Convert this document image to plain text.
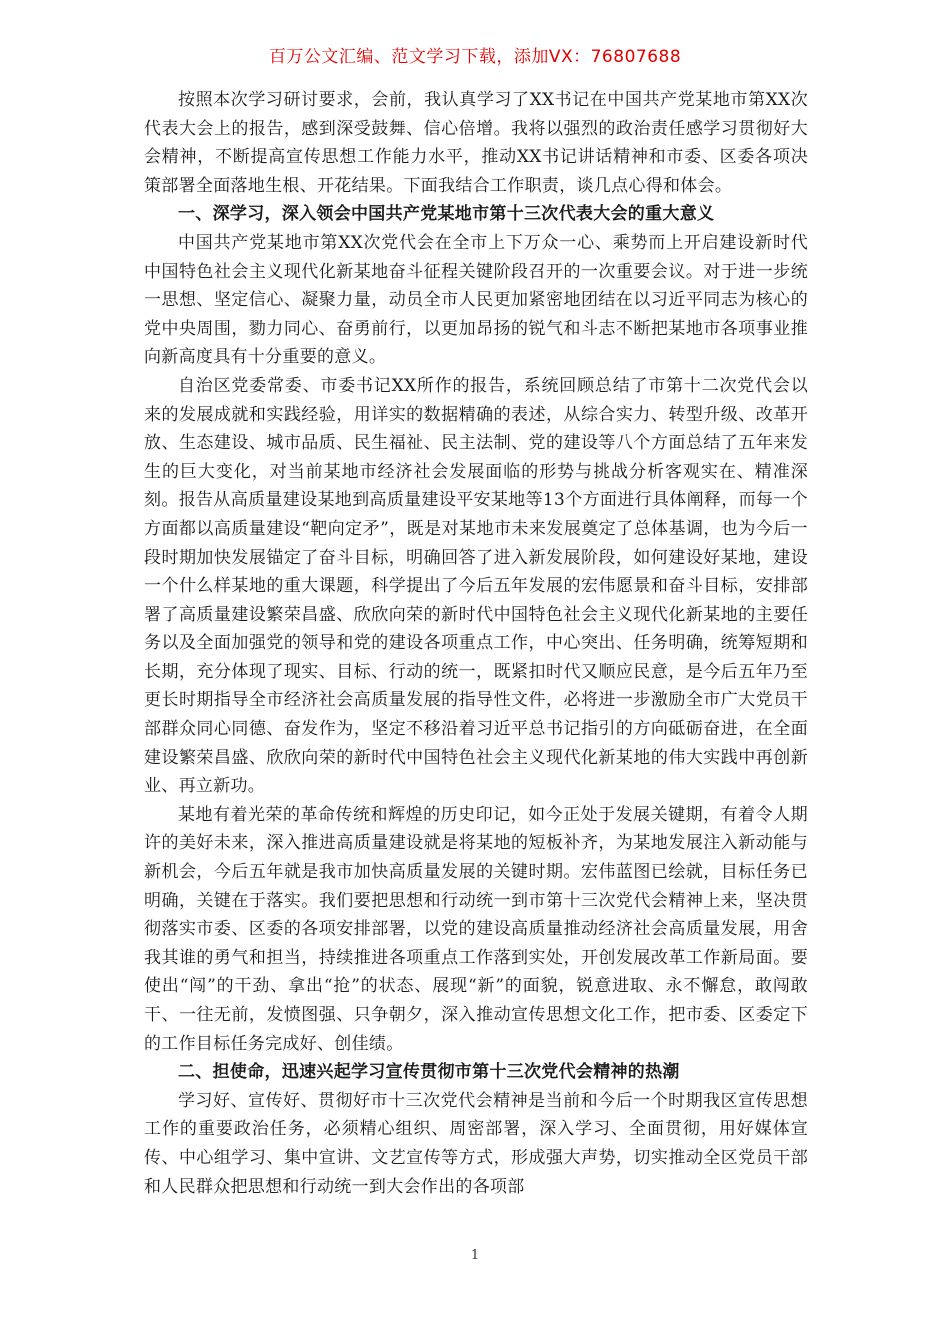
百万公文汇编、范文学习下载，添加VX：76807688

按照本次学习研讨要求，会前，我认真学习了XX书记在中国共产党某地市第XX次代表大会上的报告，感到深受鼓舞、信心倍增。我将以强烈的政治责任感学习贯彻好大会精神，不断提高宣传思想工作能力水平，推动XX书记讲话精神和市委、区委各项决策部署全面落地生根、开花结果。下面我结合工作职责，谈几点心得和体会。

一、深学习，深入领会中国共产党某地市第十三次代表大会的重大意义

中国共产党某地市第XX次党代会在全市上下万众一心、乘势而上开启建设新时代中国特色社会主义现代化新某地奋斗征程关键阶段召开的一次重要会议。对于进一步统一思想、坚定信心、凝聚力量，动员全市人民更加紧密地团结在以习近平同志为核心的党中央周围，勠力同心、奋勇前行，以更加昂扬的锐气和斗志不断把某地市各项事业推向新高度具有十分重要的意义。

自治区党委常委、市委书记XX所作的报告，系统回顾总结了市第十二次党代会以来的发展成就和实践经验，用详实的数据精确的表述，从综合实力、转型升级、改革开放、生态建设、城市品质、民生福祉、民主法制、党的建设等八个方面总结了五年来发生的巨大变化，对当前某地市经济社会发展面临的形势与挑战分析客观实在、精准深刻。报告从高质量建设某地到高质量建设平安某地等13个方面进行具体阐释，而每一个方面都以高质量建设“靶向定矛”，既是对某地市未来发展奠定了总体基调，也为今后一段时期加快发展锚定了奋斗目标，明确回答了进入新发展阶段，如何建设好某地，建设一个什么样某地的重大课题，科学提出了今后五年发展的宏伟愿景和奋斗目标，安排部署了高质量建设繁荣昌盛、欣欣向荣的新时代中国特色社会主义现代化新某地的主要任务以及全面加强党的领导和党的建设各项重点工作，中心突出、任务明确，统筹短期和长期，充分体现了现实、目标、行动的统一，既紧扣时代又顺应民意，是今后五年乃至更长时期指导全市经济社会高质量发展的指导性文件，必将进一步激励全市广大党员干部群众同心同德、奋发作为，坚定不移沿着习近平总书记指引的方向砥砺奋进，在全面建设繁荣昌盛、欣欣向荣的新时代中国特色社会主义现代化新某地的伟大实践中再创新业、再立新功。

某地有着光荣的革命传统和辉煌的历史印记，如今正处于发展关键期，有着令人期许的美好未来，深入推进高质量建设就是将某地的短板补齐，为某地发展注入新动能与新机会，今后五年就是我市加快高质量发展的关键时期。宏伟蓝图已绘就，目标任务已明确，关键在于落实。我们要把思想和行动统一到市第十三次党代会精神上来，坚决贯彻落实市委、区委的各项安排部署，以党的建设高质量推动经济社会高质量发展，用舍我其谁的勇气和担当，持续推进各项重点工作落到实处，开创发展改革工作新局面。要使出“闯”的干劲、拿出“抢”的状态、展现“新”的面貌，锐意进取、永不懈怠，敢闯敢干、一往无前，发愤图强、只争朝夕，深入推动宣传思想文化工作，把市委、区委定下的工作目标任务完成好、创佳绩。

二、担使命，迅速兴起学习宣传贯彻市第十三次党代会精神的热潮

学习好、宣传好、贯彻好市十三次党代会精神是当前和今后一个时期我区宣传思想工作的重要政治任务，必须精心组织、周密部署，深入学习、全面贯彻，用好媒体宣传、中心组学习、集中宣讲、文艺宣传等方式，形成强大声势，切实推动全区党员干部和人民群众把思想和行动统一到大会作出的各项部

1
